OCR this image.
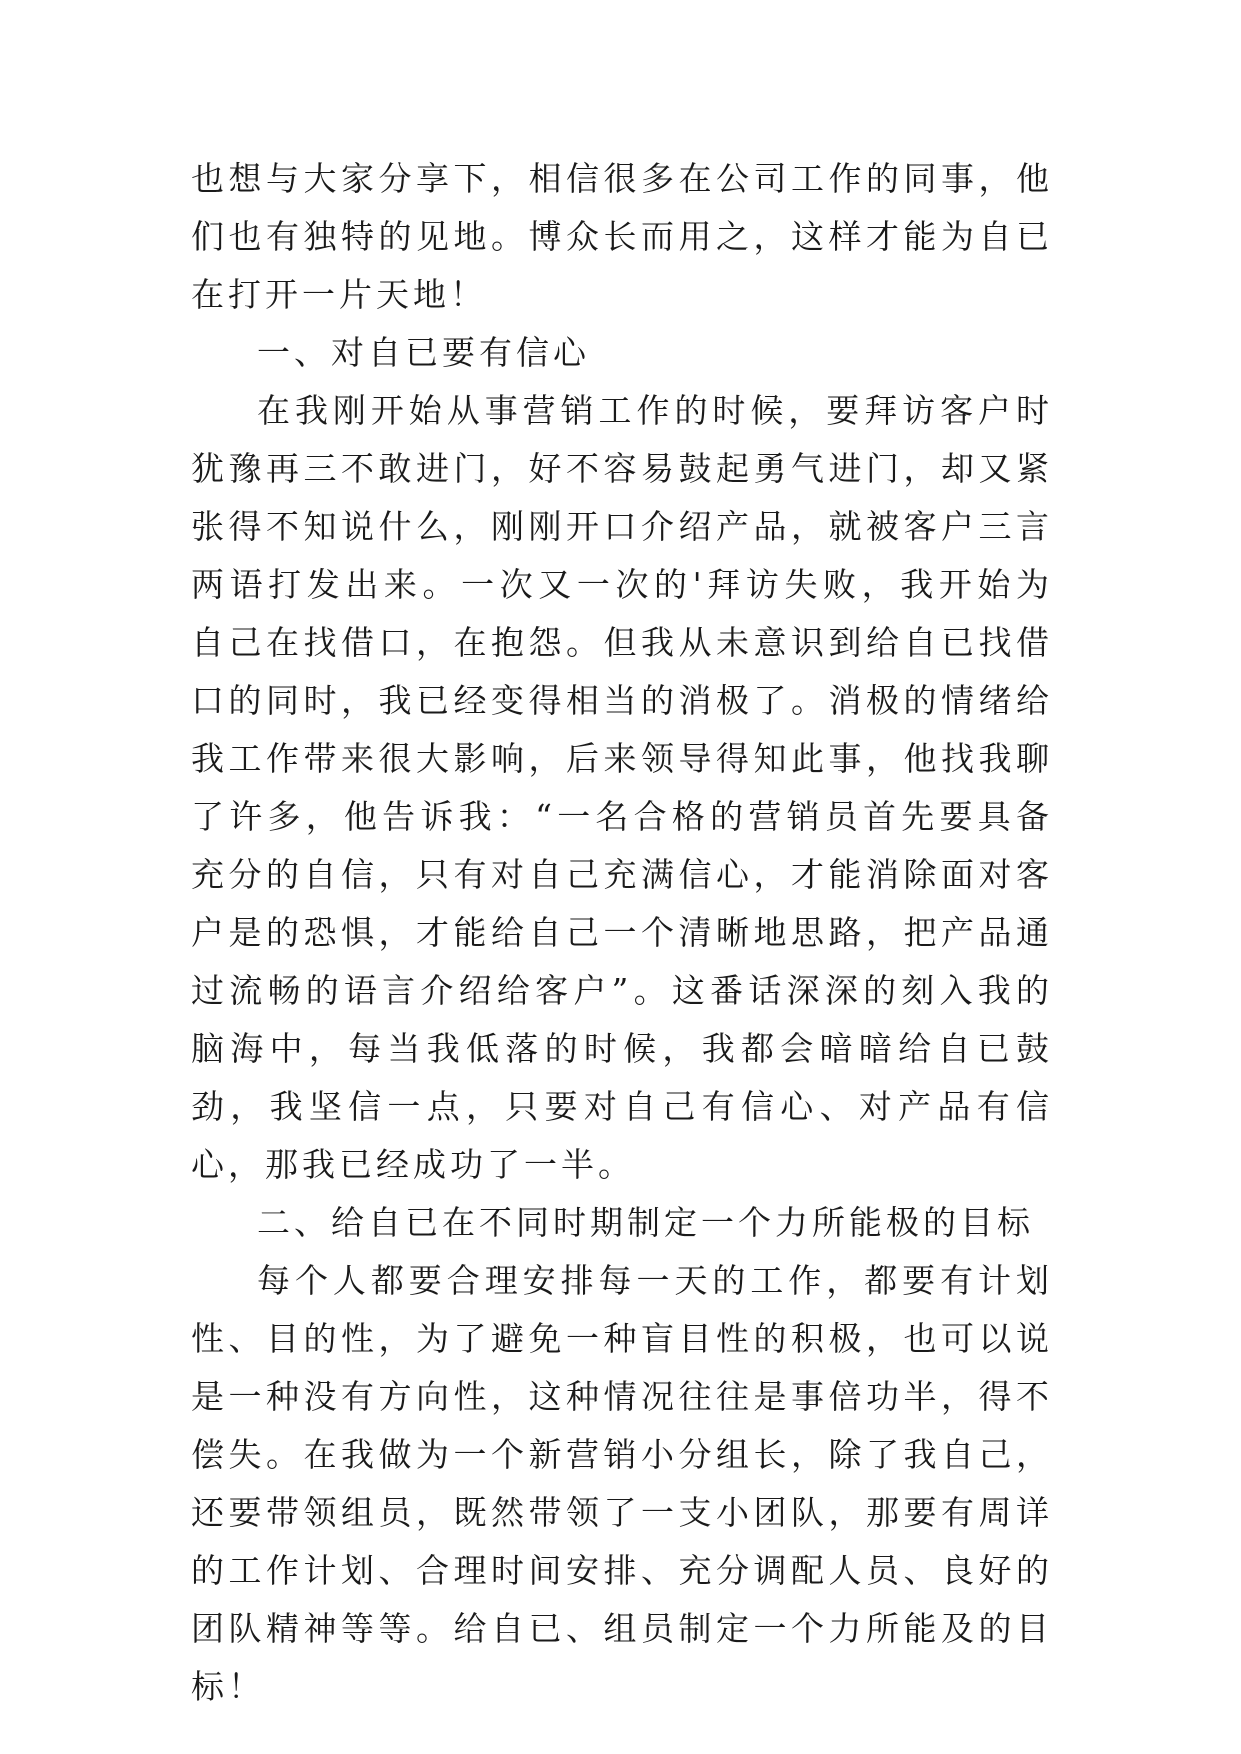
也想与大家分享下，相信很多在公司工作的同事，他们也有独特的见地。博众长而用之，这样才能为自已在打开一片天地！

一、对自已要有信心

在我刚开始从事营销工作的时候，要拜访客户时犹豫再三不敢进门，好不容易鼓起勇气进门，却又紧张得不知说什么，刚刚开口介绍产品，就被客户三言两语打发出来。一次又一次的'拜访失败，我开始为自己在找借口，在抱怨。但我从未意识到给自已找借口的同时，我已经变得相当的消极了。消极的情绪给我工作带来很大影响，后来领导得知此事，他找我聊了许多，他告诉我：“一名合格的营销员首先要具备充分的自信，只有对自己充满信心，才能消除面对客户是的恐惧，才能给自己一个清晰地思路，把产品通过流畅的语言介绍给客户”。这番话深深的刻入我的脑海中，每当我低落的时候，我都会暗暗给自已鼓劲，我坚信一点，只要对自己有信心、对产品有信心，那我已经成功了一半。

二、给自已在不同时期制定一个力所能极的目标

每个人都要合理安排每一天的工作，都要有计划性、目的性，为了避免一种盲目性的积极，也可以说是一种没有方向性，这种情况往往是事倍功半，得不偿失。在我做为一个新营销小分组长，除了我自己，还要带领组员，既然带领了一支小团队，那要有周详的工作计划、合理时间安排、充分调配人员、良好的团队精神等等。给自已、组员制定一个力所能及的目标！
